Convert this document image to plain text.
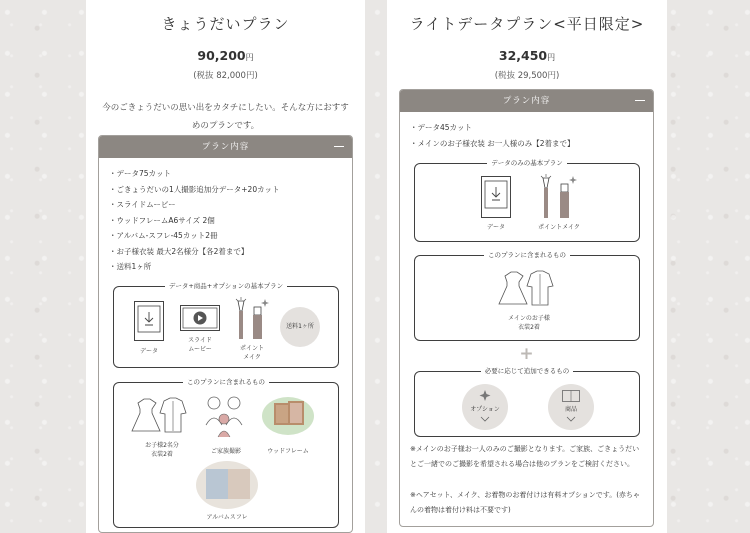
きょうだいプラン
90,200円
(税抜 82,000円)
今のごきょうだいの思い出をカタチにしたい。そんな方におすすめのプランです。
プラン内容
・データ75カット
・ごきょうだいの1人撮影追加分データ+20カット
・スライドムービー
・ウッドフレームA6サイズ 2個
・アルバム-スフレ-45カット2冊
・お子様衣装 最大2名様分【各2着まで】
・送料1ヶ所
データ+商品+オプションの基本プラン
データ
スライド
ムービー	ポイント
メイク
送料1ヶ所
このプランに含まれるもの
お子様2名分
衣装2着	ご家族撮影	ウッドフレーム
アルバムスフレ
ライトデータプラン<平日限定>
32,450円
(税抜 29,500円)
プラン内容
・データ45カット
・メインのお子様衣装 お一人様のみ【2着まで】
データのみの基本プラン
データ	ポイントメイク
このプランに含まれるもの
メインのお子様
衣装2着
+
必要に応じて追加できるもの
オプション	商品
※メインのお子様お一人のみのご撮影となります。ご家族、ごきょうだいとご一緒でのご撮影を希望される場合は他のプランをご検討ください。
※ヘアセット、メイク、お着物のお着付けは有料オプションです。(赤ちゃんの着物は着付け料は不要です)
